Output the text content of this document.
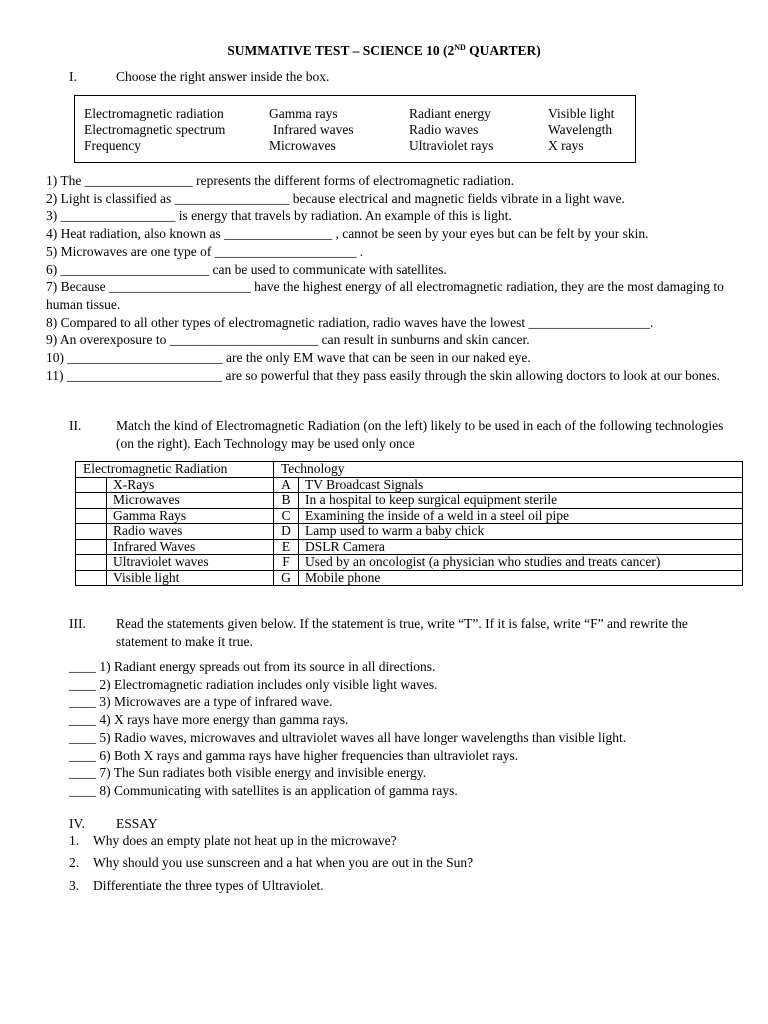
SUMMATIVE TEST – SCIENCE 10 (2ND QUARTER)
I.	Choose the right answer inside the box.
Electromagnetic radiation	Gamma rays	Radiant energy	Visible light
Electromagnetic spectrum	Infrared waves	Radio waves	Wavelength
Frequency	Microwaves	Ultraviolet rays	X rays
1) The ________________ represents the different forms of electromagnetic radiation.
2) Light is classified as _________________ because electrical and magnetic fields vibrate in a light wave.
3) _________________ is energy that travels by radiation. An example of this is light.
4) Heat radiation, also known as ________________ , cannot be seen by your eyes but can be felt by your skin.
5) Microwaves are one type of _____________________ .
6) ______________________ can be used to communicate with satellites.
7) Because _____________________ have the highest energy of all electromagnetic radiation, they are the most damaging to human tissue.
8) Compared to all other types of electromagnetic radiation, radio waves have the lowest __________________.
9) An overexposure to ______________________ can result in sunburns and skin cancer.
10) _______________________ are the only EM wave that can be seen in our naked eye.
11) _______________________ are so powerful that they pass easily through the skin allowing doctors to look at our bones.
II.	Match the kind of Electromagnetic Radiation (on the left) likely to be used in each of the following technologies (on the right). Each Technology may be used only once
Electromagnetic Radiation		Technology	
	X-Rays	A	TV Broadcast Signals
	Microwaves	B	In a hospital to keep surgical equipment sterile
	Gamma Rays	C	Examining the inside of a weld in a steel oil pipe
	Radio waves	D	Lamp used to warm a baby chick
	Infrared Waves	E	DSLR Camera
	Ultraviolet waves	F	Used by an oncologist (a physician who studies and treats cancer)
	Visible light	G	Mobile phone
III. Read the statements given below. If the statement is true, write “T”. If it is false, write “F” and rewrite the statement to make it true.
____ 1) Radiant energy spreads out from its source in all directions.
____ 2) Electromagnetic radiation includes only visible light waves.
____ 3) Microwaves are a type of infrared wave.
____ 4) X rays have more energy than gamma rays.
____ 5) Radio waves, microwaves and ultraviolet waves all have longer wavelengths than visible light.
____ 6) Both X rays and gamma rays have higher frequencies than ultraviolet rays.
____ 7) The Sun radiates both visible energy and invisible energy.
____ 8) Communicating with satellites is an application of gamma rays.
IV. ESSAY
1. Why does an empty plate not heat up in the microwave?
2. Why should you use sunscreen and a hat when you are out in the Sun?
3. Differentiate the three types of Ultraviolet.
